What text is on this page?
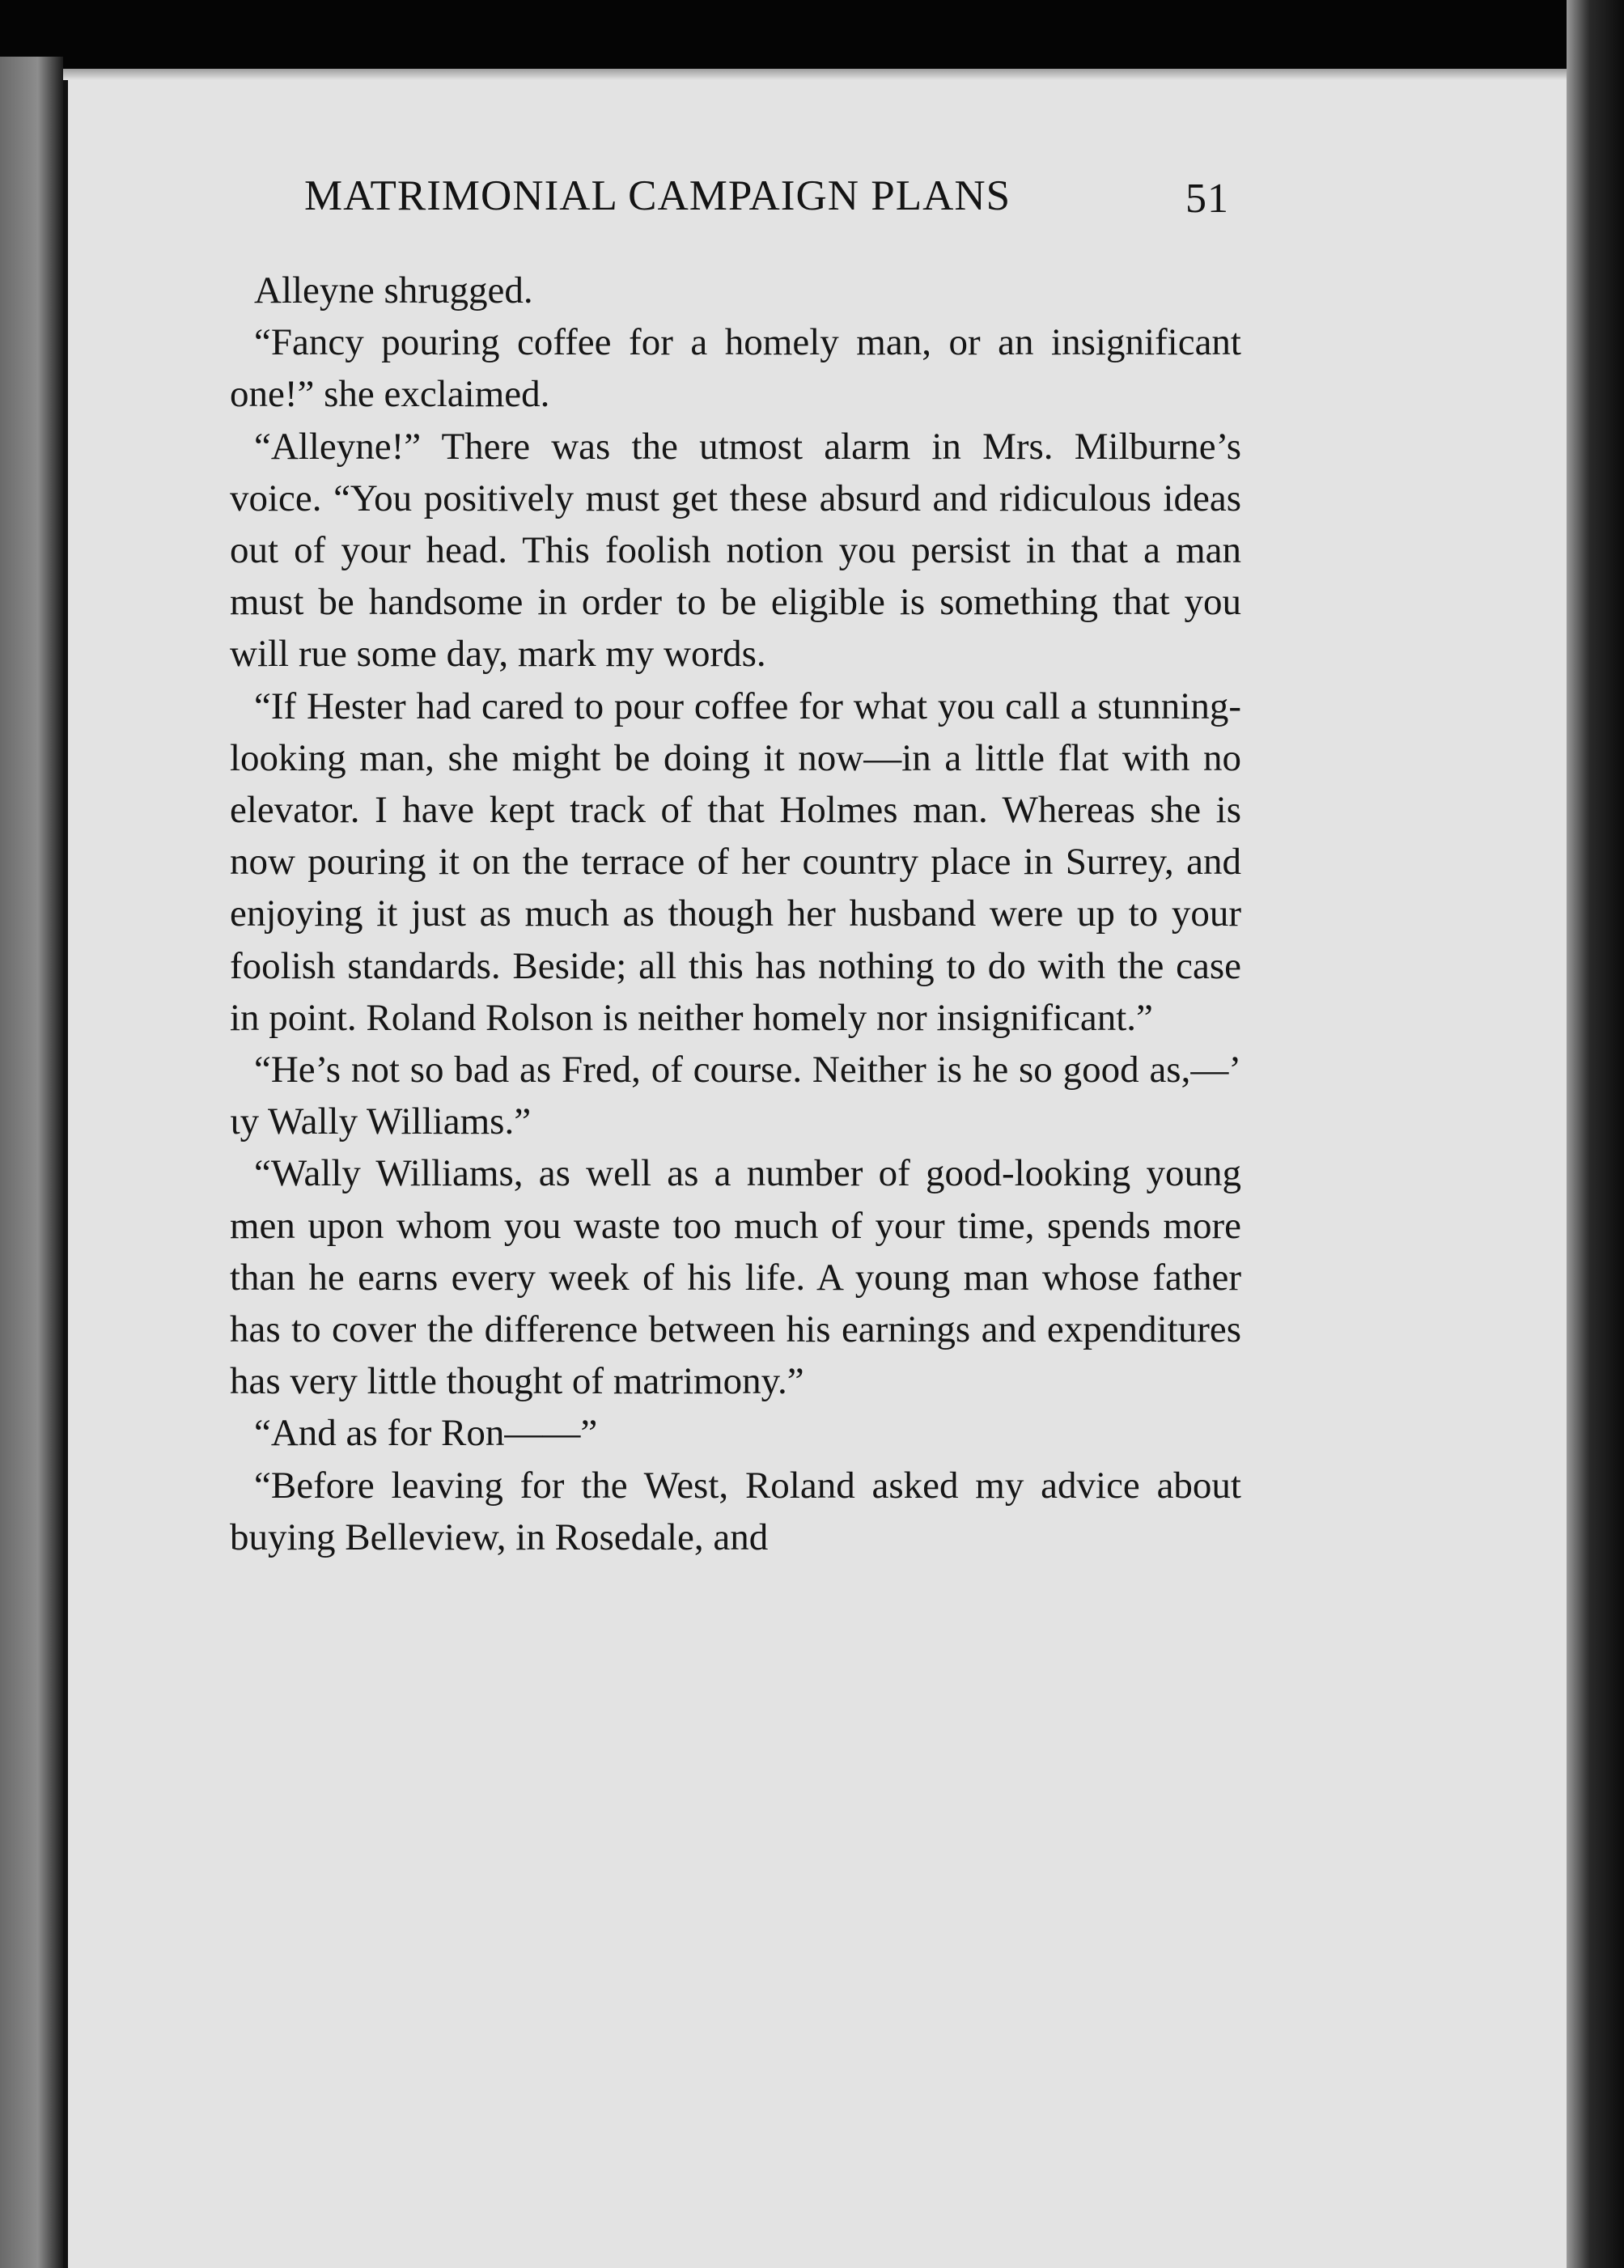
MATRIMONIAL CAMPAIGN PLANS	51

Alleyne shrugged.

“Fancy pouring coffee for a homely man, or an insignificant one!” she exclaimed.

“Alleyne!” There was the utmost alarm in Mrs. Milburne’s voice. “You positively must get these absurd and ridiculous ideas out of your head. This foolish notion you persist in that a man must be handsome in order to be eligible is something that you will rue some day, mark my words.

“If Hester had cared to pour coffee for what you call a stunning-looking man, she might be doing it now—in a little flat with no elevator. I have kept track of that Holmes man. Whereas she is now pouring it on the terrace of her country place in Surrey, and enjoying it just as much as though her husband were up to your foolish standards. Beside; all this has nothing to do with the case in point. Roland Rolson is neither homely nor insignificant.”

“He’s not so bad as Fred, of course. Neither is he so good as,—’ ιy Wally Williams.”

“Wally Williams, as well as a number of good-looking young men upon whom you waste too much of your time, spends more than he earns every week of his life. A young man whose father has to cover the difference between his earnings and expenditures has very little thought of matrimony.”

“And as for Ron——”

“Before leaving for the West, Roland asked my advice about buying Belleview, in Rosedale, and
